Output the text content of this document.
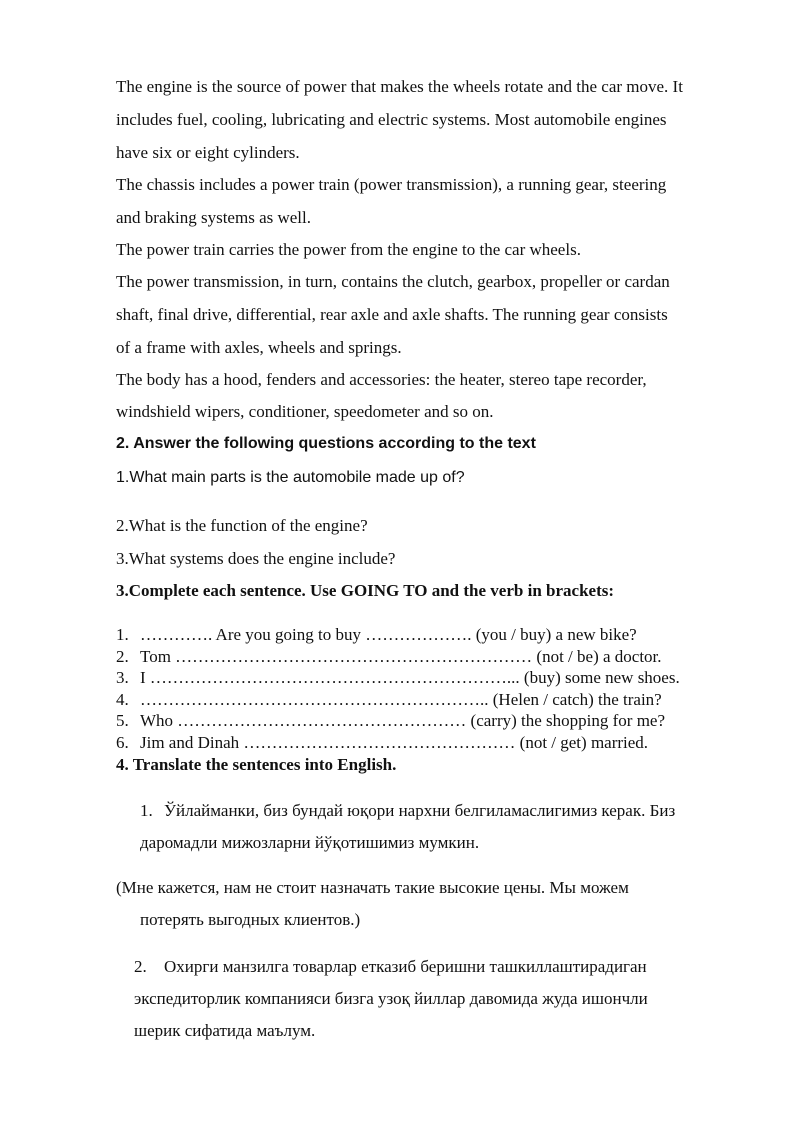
The engine is the source of power that makes the wheels rotate and the car move. It
includes fuel, cooling, lubricating and electric systems. Most automobile engines
have six or eight cylinders.
The chassis includes a power train (power transmission), a running gear, steering
and braking systems as well.
The power train carries the power from the engine to the car wheels.
The power transmission, in turn, contains the clutch, gearbox, propeller or cardan
shaft, final drive, differential, rear axle and axle shafts. The running gear consists
of a frame with axles, wheels and springs.
The body has a hood, fenders and accessories: the heater, stereo tape recorder,
windshield wipers, conditioner, speedometer and so on.
2. Answer the following questions according to the text
1.What main parts is the automobile made up of?
2.What is the function of the engine?
3.What systems does the engine include?
3.Complete each sentence. Use GOING TO and the verb in brackets:
1. …………. Are you going to buy ………………. (you / buy) a new bike?
2. Tom ……………………………………………………… (not / be) a doctor.
3. I ………………………………………………………... (buy) some new shoes.
4. …………………………………………………….. (Helen / catch) the train?
5. Who …………………………………………… (carry) the shopping for me?
6. Jim and Dinah ………………………………………… (not / get) married.
4. Translate the sentences into English.
1. Ўйлайманки, биз бундай юқори нархни белгиламаслигимиз керак. Биз
даромадли мижозларни йўқотишимиз мумкин.
(Мне кажется, нам не стоит назначать такие высокие цены. Мы можем
потерять выгодных клиентов.)
2. Охирги манзилга товарлар етказиб беришни ташкиллаштирадиган
экспедиторлик компанияси бизга узоқ йиллар давомида жуда ишончли
шерик сифатида маълум.
